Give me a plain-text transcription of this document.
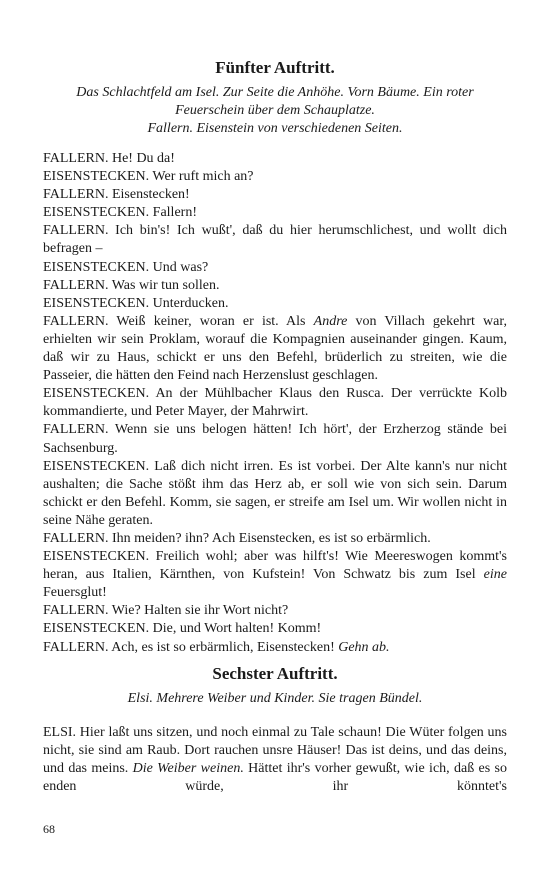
Fünfter Auftritt.

Das Schlachtfeld am Isel. Zur Seite die Anhöhe. Vorn Bäume. Ein roter

Feuerschein über dem Schauplatze.

Fallern. Eisenstein von verschiedenen Seiten.

FALLERN. He! Du da!

EISENSTECKEN. Wer ruft mich an?

FALLERN. Eisenstecken!

EISENSTECKEN. Fallern!

FALLERN. Ich bin's! Ich wußt', daß du hier herumschlichest, und wollt dich befragen –

EISENSTECKEN. Und was?

FALLERN. Was wir tun sollen.

EISENSTECKEN. Unterducken.

FALLERN. Weiß keiner, woran er ist. Als Andre von Villach gekehrt war, erhielten wir sein Proklam, worauf die Kompagnien auseinander gingen. Kaum, daß wir zu Haus, schickt er uns den Befehl, brüderlich zu streiten, wie die Passeier, die hätten den Feind nach Herzenslust geschlagen.

EISENSTECKEN. An der Mühlbacher Klaus den Rusca. Der verrückte Kolb kommandierte, und Peter Mayer, der Mahrwirt.

FALLERN. Wenn sie uns belogen hätten! Ich hört', der Erzherzog stände bei Sachsenburg.

EISENSTECKEN. Laß dich nicht irren. Es ist vorbei. Der Alte kann's nur nicht aushalten; die Sache stößt ihm das Herz ab, er soll wie von sich sein. Darum schickt er den Befehl. Komm, sie sagen, er streife am Isel um. Wir wollen nicht in seine Nähe geraten.

FALLERN. Ihn meiden? ihn? Ach Eisenstecken, es ist so erbärmlich.

EISENSTECKEN. Freilich wohl; aber was hilft's! Wie Meereswogen kommt's heran, aus Italien, Kärnthen, von Kufstein! Von Schwatz bis zum Isel eine Feuersglut!

FALLERN. Wie? Halten sie ihr Wort nicht?

EISENSTECKEN. Die, und Wort halten! Komm!

FALLERN. Ach, es ist so erbärmlich, Eisenstecken! Gehn ab.

Sechster Auftritt.

Elsi. Mehrere Weiber und Kinder. Sie tragen Bündel.

ELSI. Hier laßt uns sitzen, und noch einmal zu Tale schaun! Die Wüter folgen uns nicht, sie sind am Raub. Dort rauchen unsre Häuser! Das ist deins, und das deins, und das meins. Die Weiber weinen. Hättet ihr's vorher gewußt, wie ich, daß es so enden würde, ihr könntet's

68
